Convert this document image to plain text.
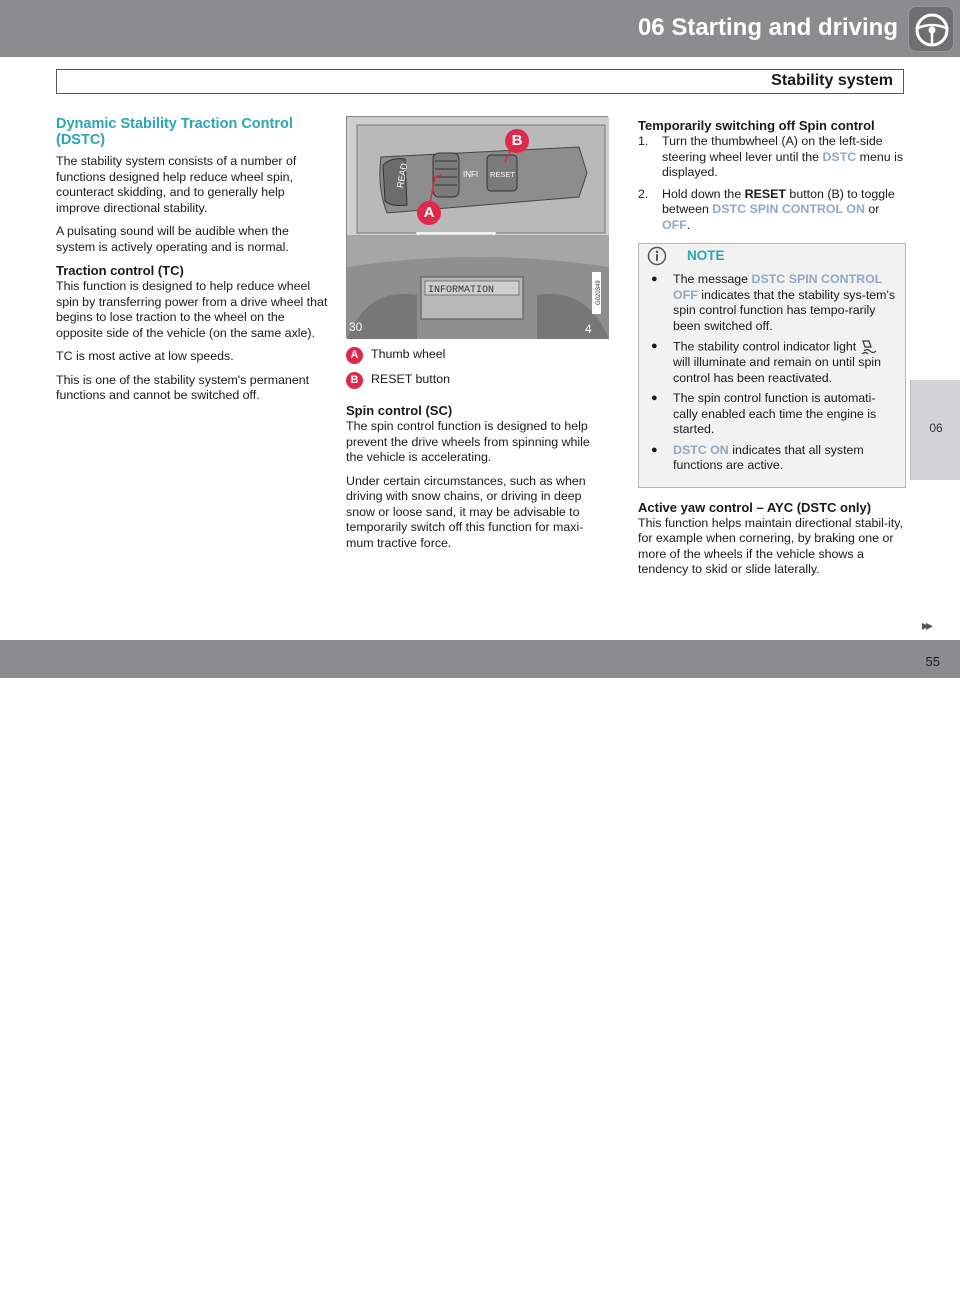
06 Starting and driving
Stability system
Dynamic Stability Traction Control (DSTC)

The stability system consists of a number of functions designed help reduce wheel spin, counteract skidding, and to generally help improve directional stability.

A pulsating sound will be audible when the system is actively operating and is normal.

Traction control (TC)

This function is designed to help reduce wheel spin by transferring power from a drive wheel that begins to lose traction to the wheel on the opposite side of the vehicle (on the same axle).

TC is most active at low speeds.

This is one of the stability system's permanent functions and cannot be switched off.

READ	INFI RESET
INFORMATION
30	4
B
A
G020349
A	Thumb wheel
B	RESET button
Spin control (SC)

The spin control function is designed to help prevent the drive wheels from spinning while the vehicle is accelerating.

Under certain circumstances, such as when driving with snow chains, or driving in deep snow or loose sand, it may be advisable to temporarily switch off this function for maxi-mum tractive force.

Temporarily switching off Spin control
1. Turn the thumbwheel (A) on the left-side steering wheel lever until the DSTC menu is displayed.
2. Hold down the RESET button (B) to toggle between DSTC SPIN CONTROL ON or OFF.
NOTE
● The message DSTC SPIN CONTROL OFF indicates that the stability sys-tem's spin control function has tempo-rarily been switched off.
● The stability control indicator light  will illuminate and remain on until spin control has been reactivated.
● The spin control function is automati-cally enabled each time the engine is started.
● DSTC ON indicates that all system functions are active.
Active yaw control – AYC (DSTC only)

This function helps maintain directional stabil-ity, for example when cornering, by braking one or more of the wheels if the vehicle shows a tendency to skid or slide laterally.

06
▸▸
carmanualsonline.info
55
